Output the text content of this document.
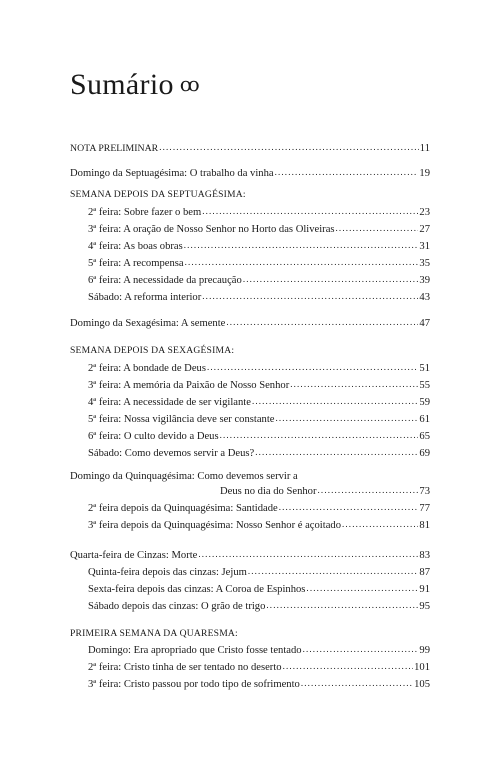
Sumário ꝏ
NOTA PRELIMINAR .....	11
Domingo da Septuagésima: O trabalho da vinha .....	19
SEMANA DEPOIS DA SEPTUAGÉSIMA:
2ª feira: Sobre fazer o bem .....	23
3ª feira: A oração de Nosso Senhor no Horto das Oliveiras .....	27
4ª feira: As boas obras .....	31
5ª feira: A recompensa .....	35
6ª feira: A necessidade da precaução .....	39
Sábado: A reforma interior .....	43
Domingo da Sexagésima: A semente .....	47
SEMANA DEPOIS DA SEXAGÉSIMA:
2ª feira: A bondade de Deus .....	51
3ª feira: A memória da Paixão de Nosso Senhor .....	55
4ª feira: A necessidade de ser vigilante .....	59
5ª feira: Nossa vigilância deve ser constante .....	61
6ª feira: O culto devido a Deus .....	65
Sábado: Como devemos servir a Deus? .....	69
Domingo da Quinquagésima: Como devemos servir a
Deus no dia do Senhor .....	73
2ª feira depois da Quinquagésima: Santidade .....	77
3ª feira depois da Quinquagésima: Nosso Senhor é açoitado .....	81
Quarta-feira de Cinzas: Morte .....	83
Quinta-feira depois das cinzas: Jejum .....	87
Sexta-feira depois das cinzas: A Coroa de Espinhos .....	91
Sábado depois das cinzas: O grão de trigo .....	95
PRIMEIRA SEMANA DA QUARESMA:
Domingo: Era apropriado que Cristo fosse tentado .....	99
2ª feira: Cristo tinha de ser tentado no deserto .....	101
3ª feira: Cristo passou por todo tipo de sofrimento .....	105
